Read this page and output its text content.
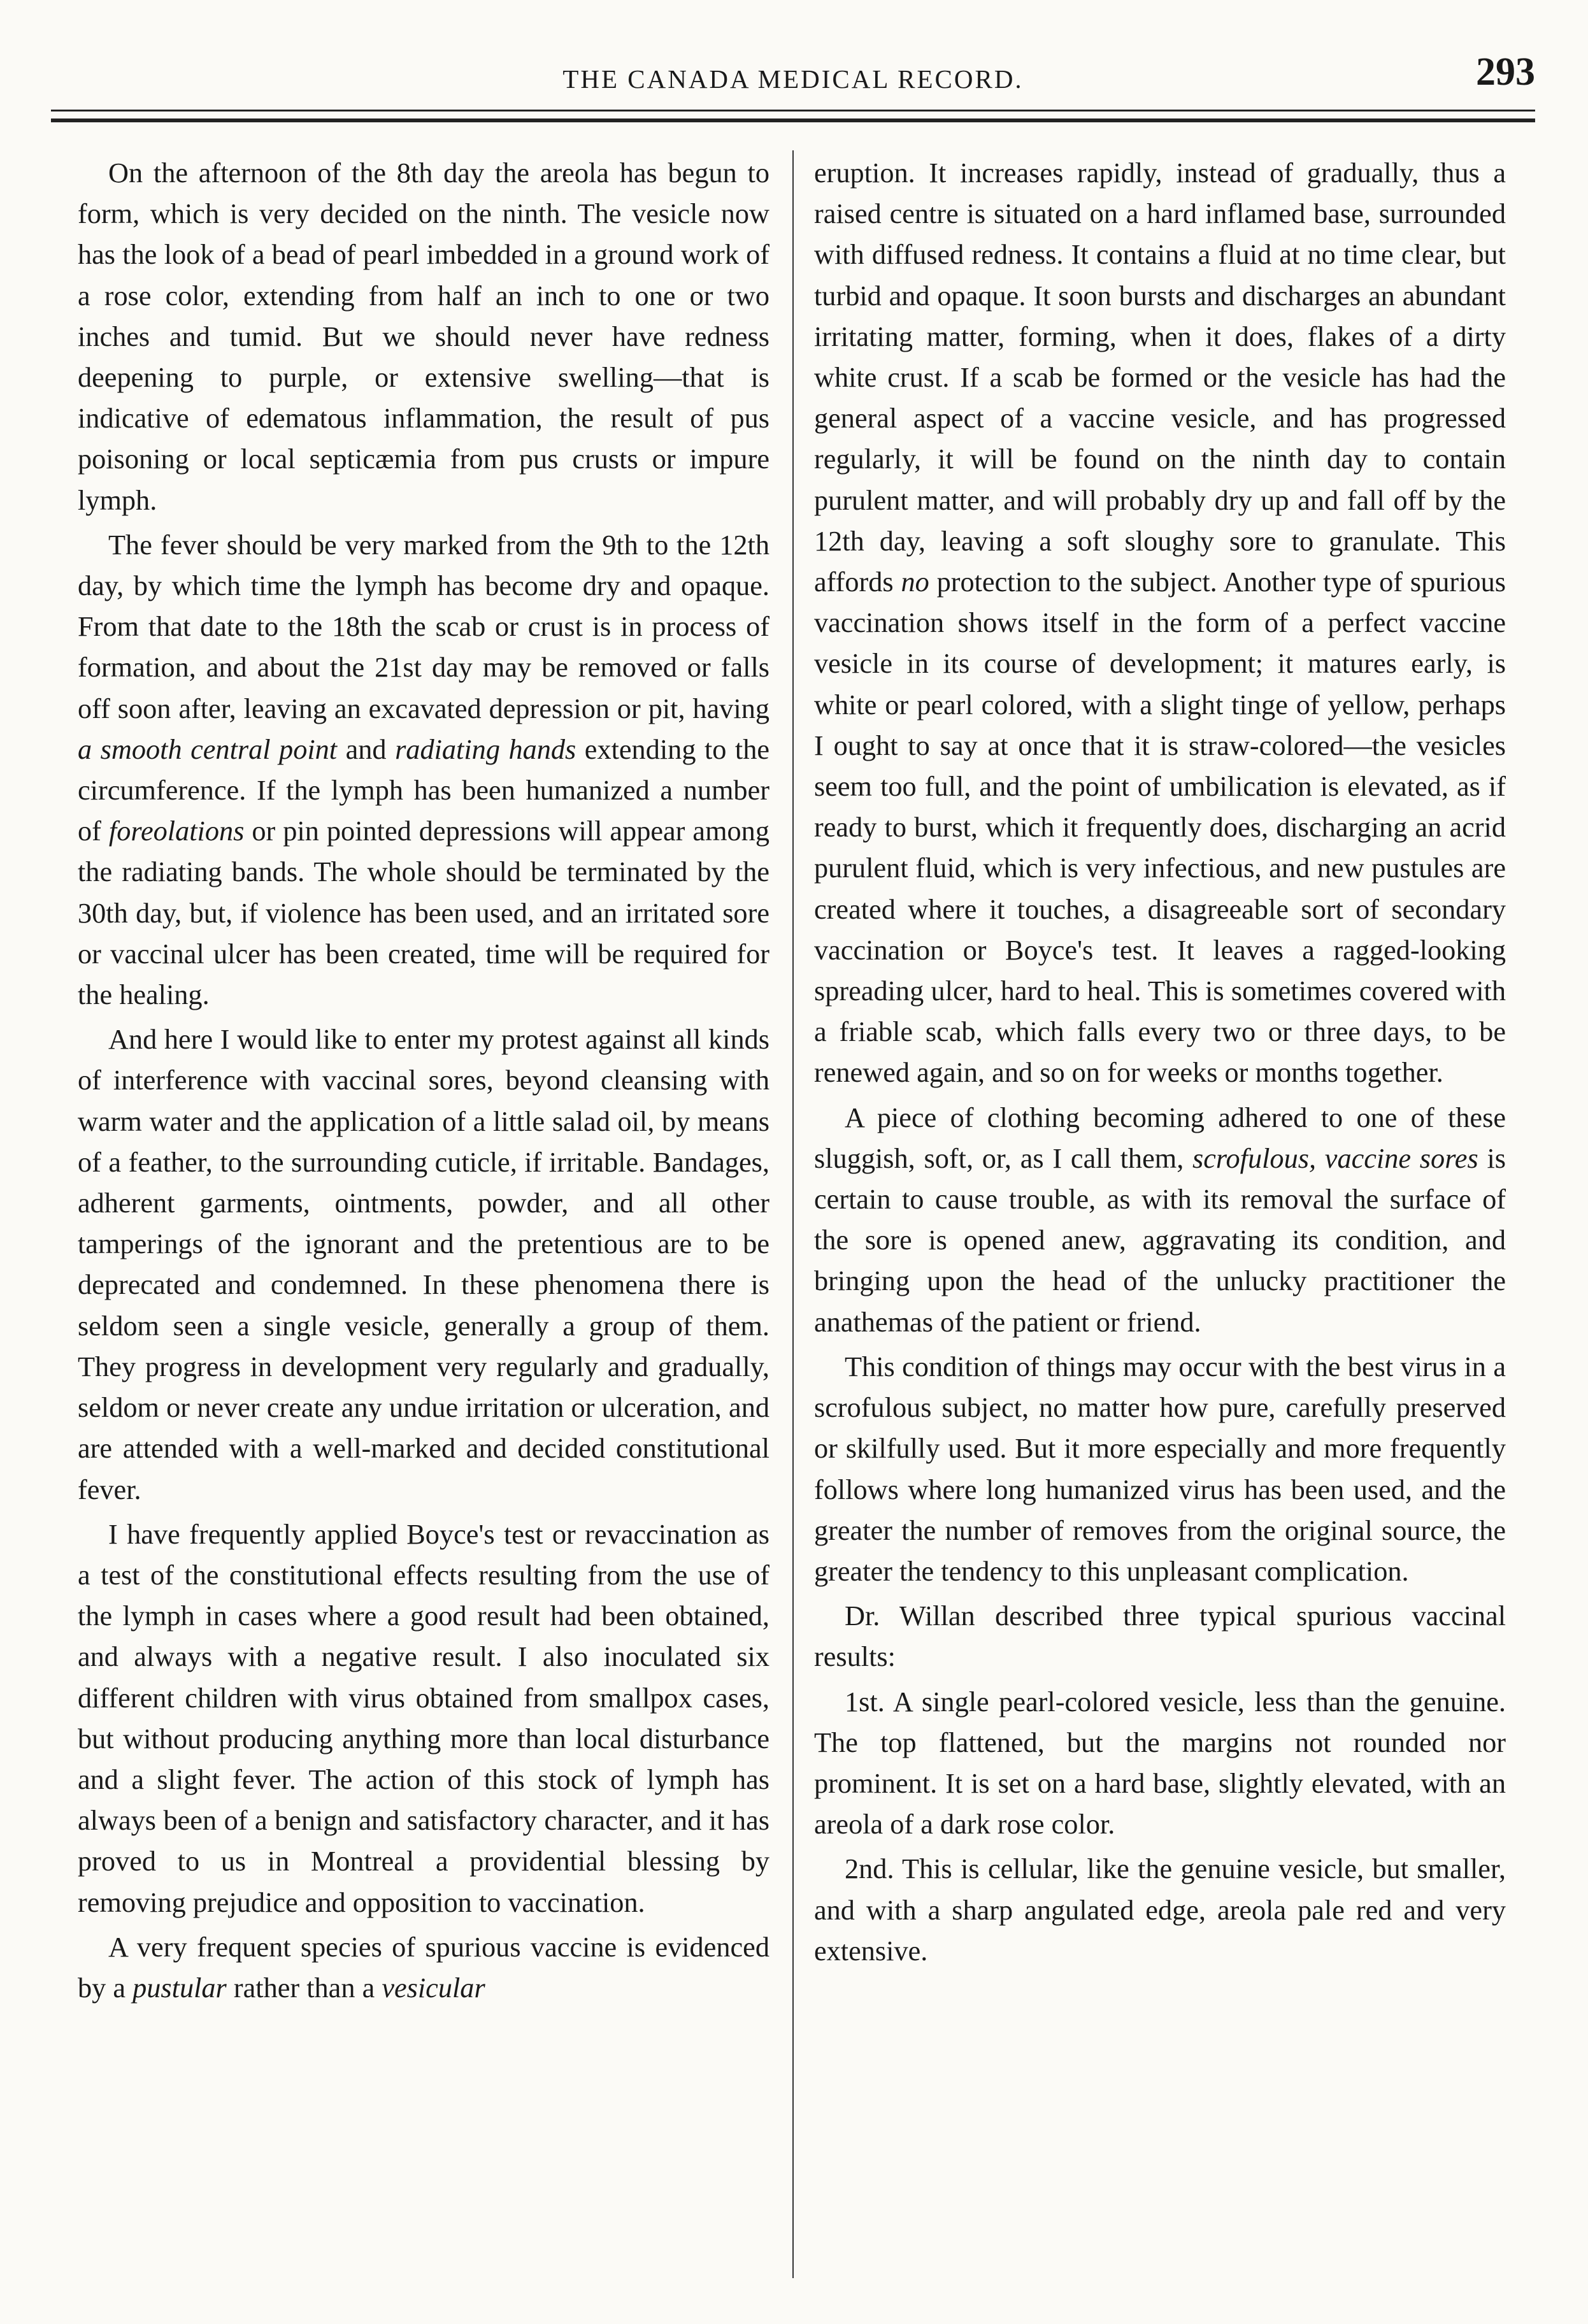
THE CANADA MEDICAL RECORD.	293

On the afternoon of the 8th day the areola has begun to form, which is very decided on the ninth. The vesicle now has the look of a bead of pearl imbedded in a ground work of a rose color, extending from half an inch to one or two inches and tumid. But we should never have redness deepening to purple, or extensive swelling—that is indicative of edematous inflammation, the result of pus poisoning or local septicæmia from pus crusts or impure lymph.

The fever should be very marked from the 9th to the 12th day, by which time the lymph has become dry and opaque. From that date to the 18th the scab or crust is in process of formation, and about the 21st day may be removed or falls off soon after, leaving an excavated depression or pit, having a smooth central point and radiating hands extending to the circumference. If the lymph has been humanized a number of foreolations or pin pointed depressions will appear among the radiating bands. The whole should be terminated by the 30th day, but, if violence has been used, and an irritated sore or vaccinal ulcer has been created, time will be required for the healing.

And here I would like to enter my protest against all kinds of interference with vaccinal sores, beyond cleansing with warm water and the application of a little salad oil, by means of a feather, to the surrounding cuticle, if irritable. Bandages, adherent garments, ointments, powder, and all other tamperings of the ignorant and the pretentious are to be deprecated and condemned. In these phenomena there is seldom seen a single vesicle, generally a group of them. They progress in development very regularly and gradually, seldom or never create any undue irritation or ulceration, and are attended with a well-marked and decided constitutional fever.

I have frequently applied Boyce's test or revaccination as a test of the constitutional effects resulting from the use of the lymph in cases where a good result had been obtained, and always with a negative result. I also inoculated six different children with virus obtained from smallpox cases, but without producing anything more than local disturbance and a slight fever. The action of this stock of lymph has always been of a benign and satisfactory character, and it has proved to us in Montreal a providential blessing by removing prejudice and opposition to vaccination.

A very frequent species of spurious vaccine is evidenced by a pustular rather than a vesicular

eruption. It increases rapidly, instead of gradually, thus a raised centre is situated on a hard inflamed base, surrounded with diffused redness. It contains a fluid at no time clear, but turbid and opaque. It soon bursts and discharges an abundant irritating matter, forming, when it does, flakes of a dirty white crust. If a scab be formed or the vesicle has had the general aspect of a vaccine vesicle, and has progressed regularly, it will be found on the ninth day to contain purulent matter, and will probably dry up and fall off by the 12th day, leaving a soft sloughy sore to granulate. This affords no protection to the subject. Another type of spurious vaccination shows itself in the form of a perfect vaccine vesicle in its course of development; it matures early, is white or pearl colored, with a slight tinge of yellow, perhaps I ought to say at once that it is straw-colored—the vesicles seem too full, and the point of umbilication is elevated, as if ready to burst, which it frequently does, discharging an acrid purulent fluid, which is very infectious, and new pustules are created where it touches, a disagreeable sort of secondary vaccination or Boyce's test. It leaves a ragged-looking spreading ulcer, hard to heal. This is sometimes covered with a friable scab, which falls every two or three days, to be renewed again, and so on for weeks or months together.

A piece of clothing becoming adhered to one of these sluggish, soft, or, as I call them, scrofulous, vaccine sores is certain to cause trouble, as with its removal the surface of the sore is opened anew, aggravating its condition, and bringing upon the head of the unlucky practitioner the anathemas of the patient or friend.

This condition of things may occur with the best virus in a scrofulous subject, no matter how pure, carefully preserved or skilfully used. But it more especially and more frequently follows where long humanized virus has been used, and the greater the number of removes from the original source, the greater the tendency to this unpleasant complication.

Dr. Willan described three typical spurious vaccinal results:

1st. A single pearl-colored vesicle, less than the genuine. The top flattened, but the margins not rounded nor prominent. It is set on a hard base, slightly elevated, with an areola of a dark rose color.

2nd. This is cellular, like the genuine vesicle, but smaller, and with a sharp angulated edge, areola pale red and very extensive.
